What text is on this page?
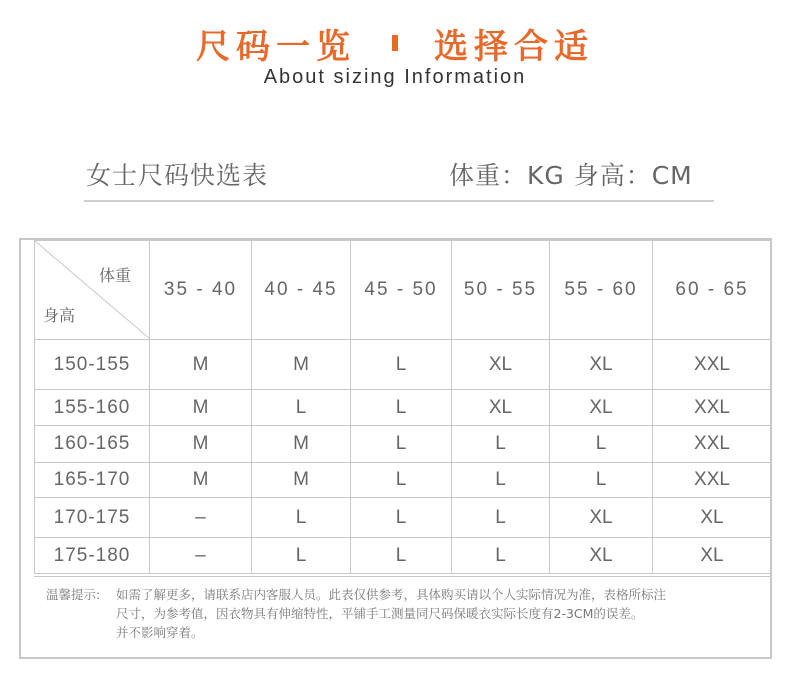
尺码一览 选择合适
About sizing Information
女士尺码快选表	体重：KG 身高：CM
体重
身高	35 - 40	40 - 45	45 - 50	50 - 55	55 - 60	60 - 65
150-155	M	M	L	XL	XL	XXL
155-160	M	L	L	XL	XL	XXL
160-165	M	M	L	L	L	XXL
165-170	M	M	L	L	L	XXL
170-175	–	L	L	L	XL	XL
175-180	–	L	L	L	XL	XL
温馨提示: 如需了解更多，请联系店内客服人员。此表仅供参考，具体购买请以个人实际情况为准，表格所标注
尺寸，为参考值，因衣物具有伸缩特性，平铺手工测量同尺码保暖衣实际长度有2-3CM的误差。
并不影响穿着。
